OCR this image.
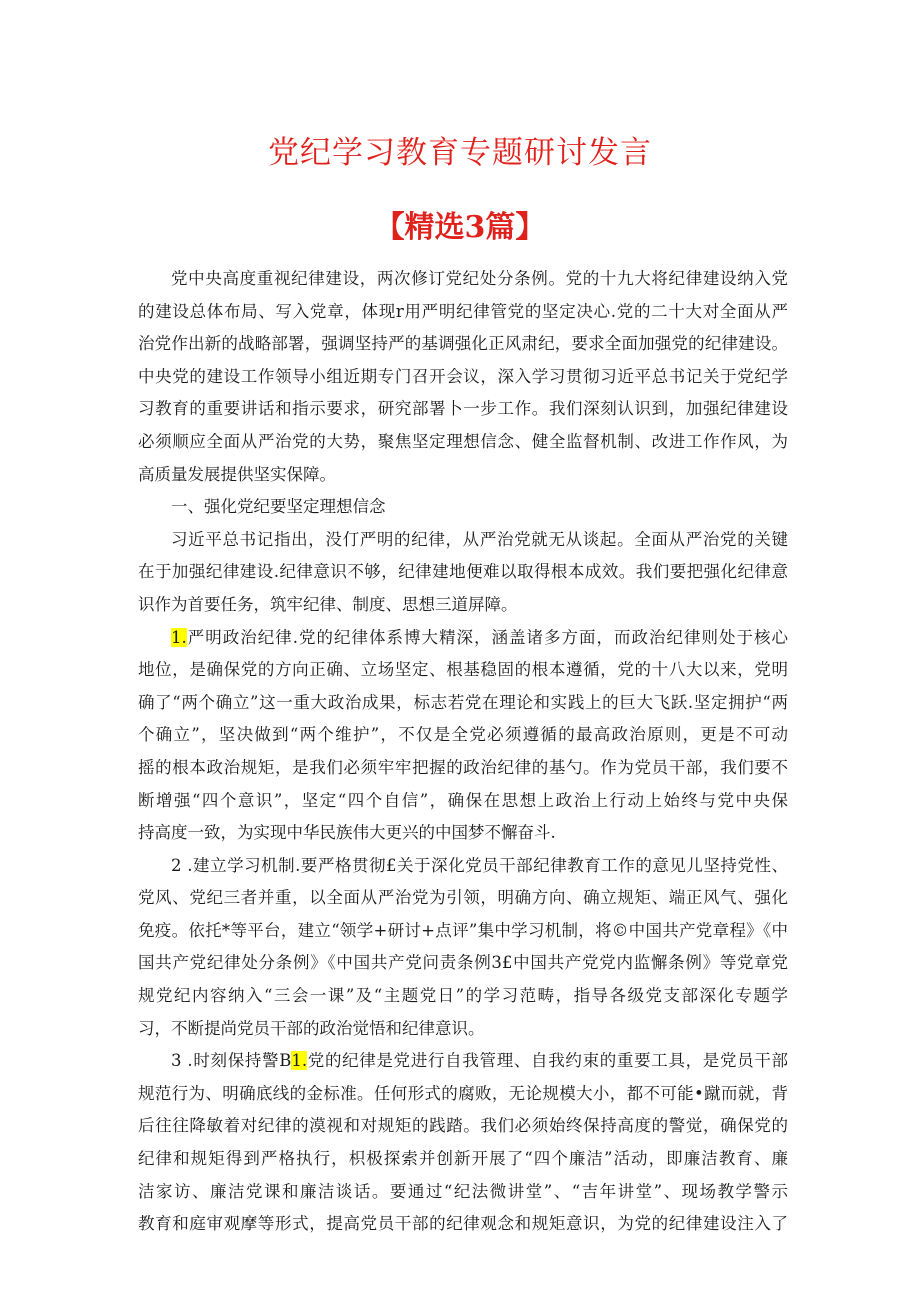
党纪学习教育专题研讨发言
【精选3篇】
党中央高度重视纪律建设，两次修订党纪处分条例。党的十九大将纪律建设纳入党
的建设总体布局、写入党章，体现r用严明纪律管党的坚定决心.党的二十大对全面从严
治党作出新的战略部署，强调坚持严的基调强化正风肃纪，要求全面加强党的纪律建设。
中央党的建设工作领导小组近期专门召开会议，深入学习贯彻习近平总书记关于党纪学
习教育的重要讲话和指示要求，研究部署卜一步工作。我们深刻认识到，加强纪律建设
必须顺应全面从严治党的大势，聚焦坚定理想信念、健全监督机制、改进工作作风，为
高质量发展提供坚实保障。
一、强化党纪要坚定理想信念
习近平总书记指出，没仃严明的纪律，从严治党就无从谈起。全面从严治党的关键
在于加强纪律建设.纪律意识不够，纪律建地便难以取得根本成效。我们要把强化纪律意
识作为首要任务，筑牢纪律、制度、思想三道屏障。
1.严明政治纪律.党的纪律体系博大精深，涵盖诸多方面，而政治纪律则处于核心
地位，是确保党的方向正确、立场坚定、根基稳固的根本遵循，党的十八大以来，党明
确了“两个确立”这一重大政治成果，标志若党在理论和实践上的巨大飞跃.坚定拥护“两
个确立”，坚决做到“两个维护”，不仅是全党必须遵循的最高政治原则，更是不可动
摇的根本政治规矩，是我们必须牢牢把握的政治纪律的基勺。作为党员干部，我们要不
断增强“四个意识”，坚定“四个自信”，确保在思想上政治上行动上始终与党中央保
持高度一致，为实现中华民族伟大更兴的中国梦不懈奋斗.
2 .建立学习机制.要严格贯彻£关于深化党员干部纪律教育工作的意见儿坚持党性、
党风、党纪三者并重，以全面从严治党为引领，明确方向、确立规矩、端正风气、强化
免疫。依托*等平台，建立“领学+研讨+点评”集中学习机制，将©中国共产党章程》《中
国共产党纪律处分条例》《中国共产党问责条例3£中国共产党党内监懈条例》等党章党
规党纪内容纳入“三会一课”及“主题党日”的学习范畴，指导各级党支部深化专题学
习，不断提尚党员干部的政治觉悟和纪律意识。
3 .时刻保持警B1.党的纪律是党进行自我管理、自我约束的重要工具，是党员干部
规范行为、明确底线的金标准。任何形式的腐败，无论规模大小，都不可能•蹴而就，背
后往往降敏着对纪律的漠视和对规矩的践踏。我们必须始终保持高度的警觉，确保党的
纪律和规矩得到严格执行，枳极探索并创新开展了“四个廉洁”活动，即廉洁教育、廉
洁家访、廉洁党课和廉洁谈话。要通过“纪法微讲堂”、“吉年讲堂”、现场教学警示
教育和庭审观摩等形式，提高党员干部的纪律观念和规矩意识，为党的纪律建设注入了
